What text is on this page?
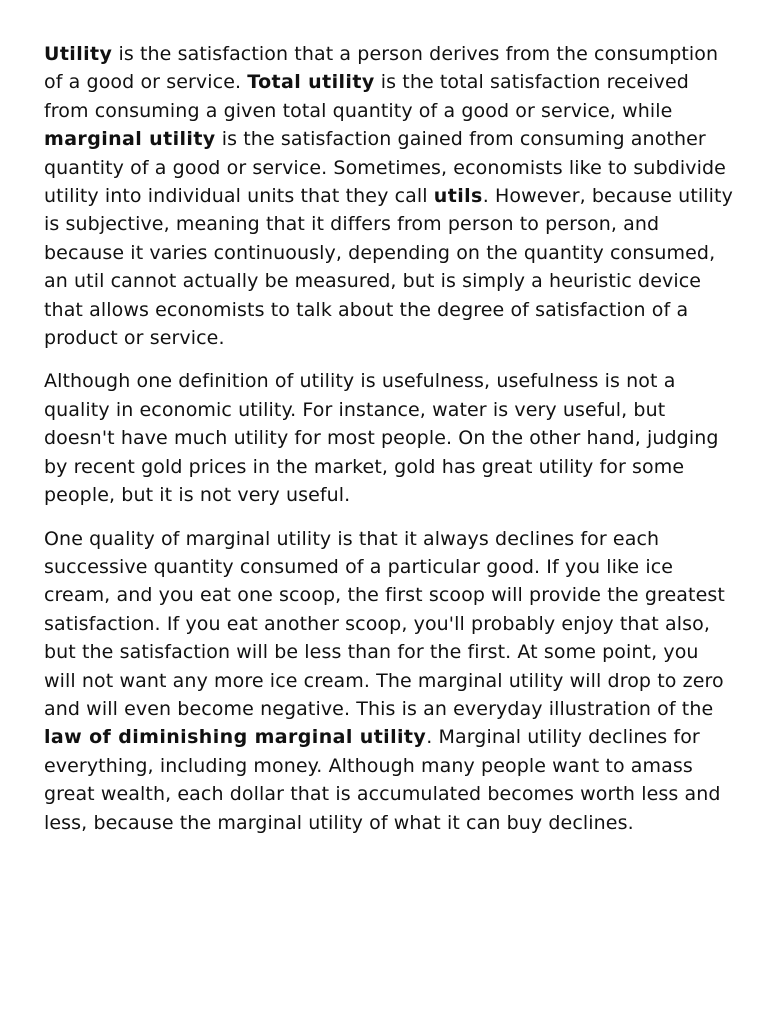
Utility is the satisfaction that a person derives from the consumption of a good or service. Total utility is the total satisfaction received from consuming a given total quantity of a good or service, while marginal utility is the satisfaction gained from consuming another quantity of a good or service. Sometimes, economists like to subdivide utility into individual units that they call utils. However, because utility is subjective, meaning that it differs from person to person, and because it varies continuously, depending on the quantity consumed, an util cannot actually be measured, but is simply a heuristic device that allows economists to talk about the degree of satisfaction of a product or service.

Although one definition of utility is usefulness, usefulness is not a quality in economic utility. For instance, water is very useful, but doesn't have much utility for most people. On the other hand, judging by recent gold prices in the market, gold has great utility for some people, but it is not very useful.

One quality of marginal utility is that it always declines for each successive quantity consumed of a particular good. If you like ice cream, and you eat one scoop, the first scoop will provide the greatest satisfaction. If you eat another scoop, you'll probably enjoy that also, but the satisfaction will be less than for the first. At some point, you will not want any more ice cream. The marginal utility will drop to zero and will even become negative. This is an everyday illustration of the law of diminishing marginal utility. Marginal utility declines for everything, including money. Although many people want to amass great wealth, each dollar that is accumulated becomes worth less and less, because the marginal utility of what it can buy declines.
